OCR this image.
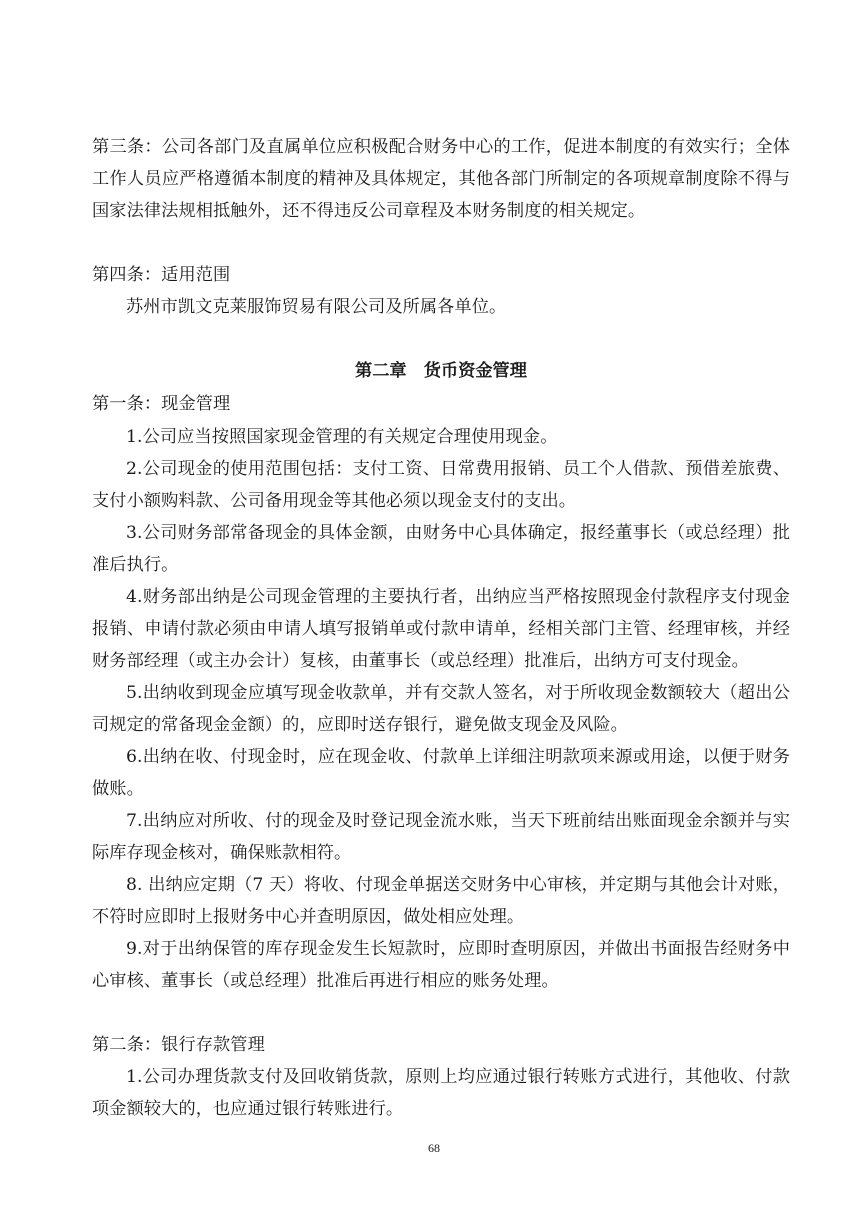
第三条：公司各部门及直属单位应积极配合财务中心的工作，促进本制度的有效实行；全体工作人员应严格遵循本制度的精神及具体规定，其他各部门所制定的各项规章制度除不得与国家法律法规相抵触外，还不得违反公司章程及本财务制度的相关规定。

第四条：适用范围

苏州市凯文克莱服饰贸易有限公司及所属各单位。

第二章　货币资金管理

第一条：现金管理

1.公司应当按照国家现金管理的有关规定合理使用现金。

2.公司现金的使用范围包括：支付工资、日常费用报销、员工个人借款、预借差旅费、支付小额购料款、公司备用现金等其他必须以现金支付的支出。

3.公司财务部常备现金的具体金额，由财务中心具体确定，报经董事长（或总经理）批准后执行。

4.财务部出纳是公司现金管理的主要执行者，出纳应当严格按照现金付款程序支付现金报销、申请付款必须由申请人填写报销单或付款申请单，经相关部门主管、经理审核，并经财务部经理（或主办会计）复核，由董事长（或总经理）批准后，出纳方可支付现金。

5.出纳收到现金应填写现金收款单，并有交款人签名，对于所收现金数额较大（超出公司规定的常备现金金额）的，应即时送存银行，避免做支现金及风险。

6.出纳在收、付现金时，应在现金收、付款单上详细注明款项来源或用途，以便于财务做账。

7.出纳应对所收、付的现金及时登记现金流水账，当天下班前结出账面现金余额并与实际库存现金核对，确保账款相符。

8. 出纳应定期（7 天）将收、付现金单据送交财务中心审核，并定期与其他会计对账，不符时应即时上报财务中心并查明原因，做处相应处理。

9.对于出纳保管的库存现金发生长短款时，应即时查明原因，并做出书面报告经财务中心审核、董事长（或总经理）批准后再进行相应的账务处理。

第二条：银行存款管理

1.公司办理货款支付及回收销货款，原则上均应通过银行转账方式进行，其他收、付款项金额较大的，也应通过银行转账进行。

68
